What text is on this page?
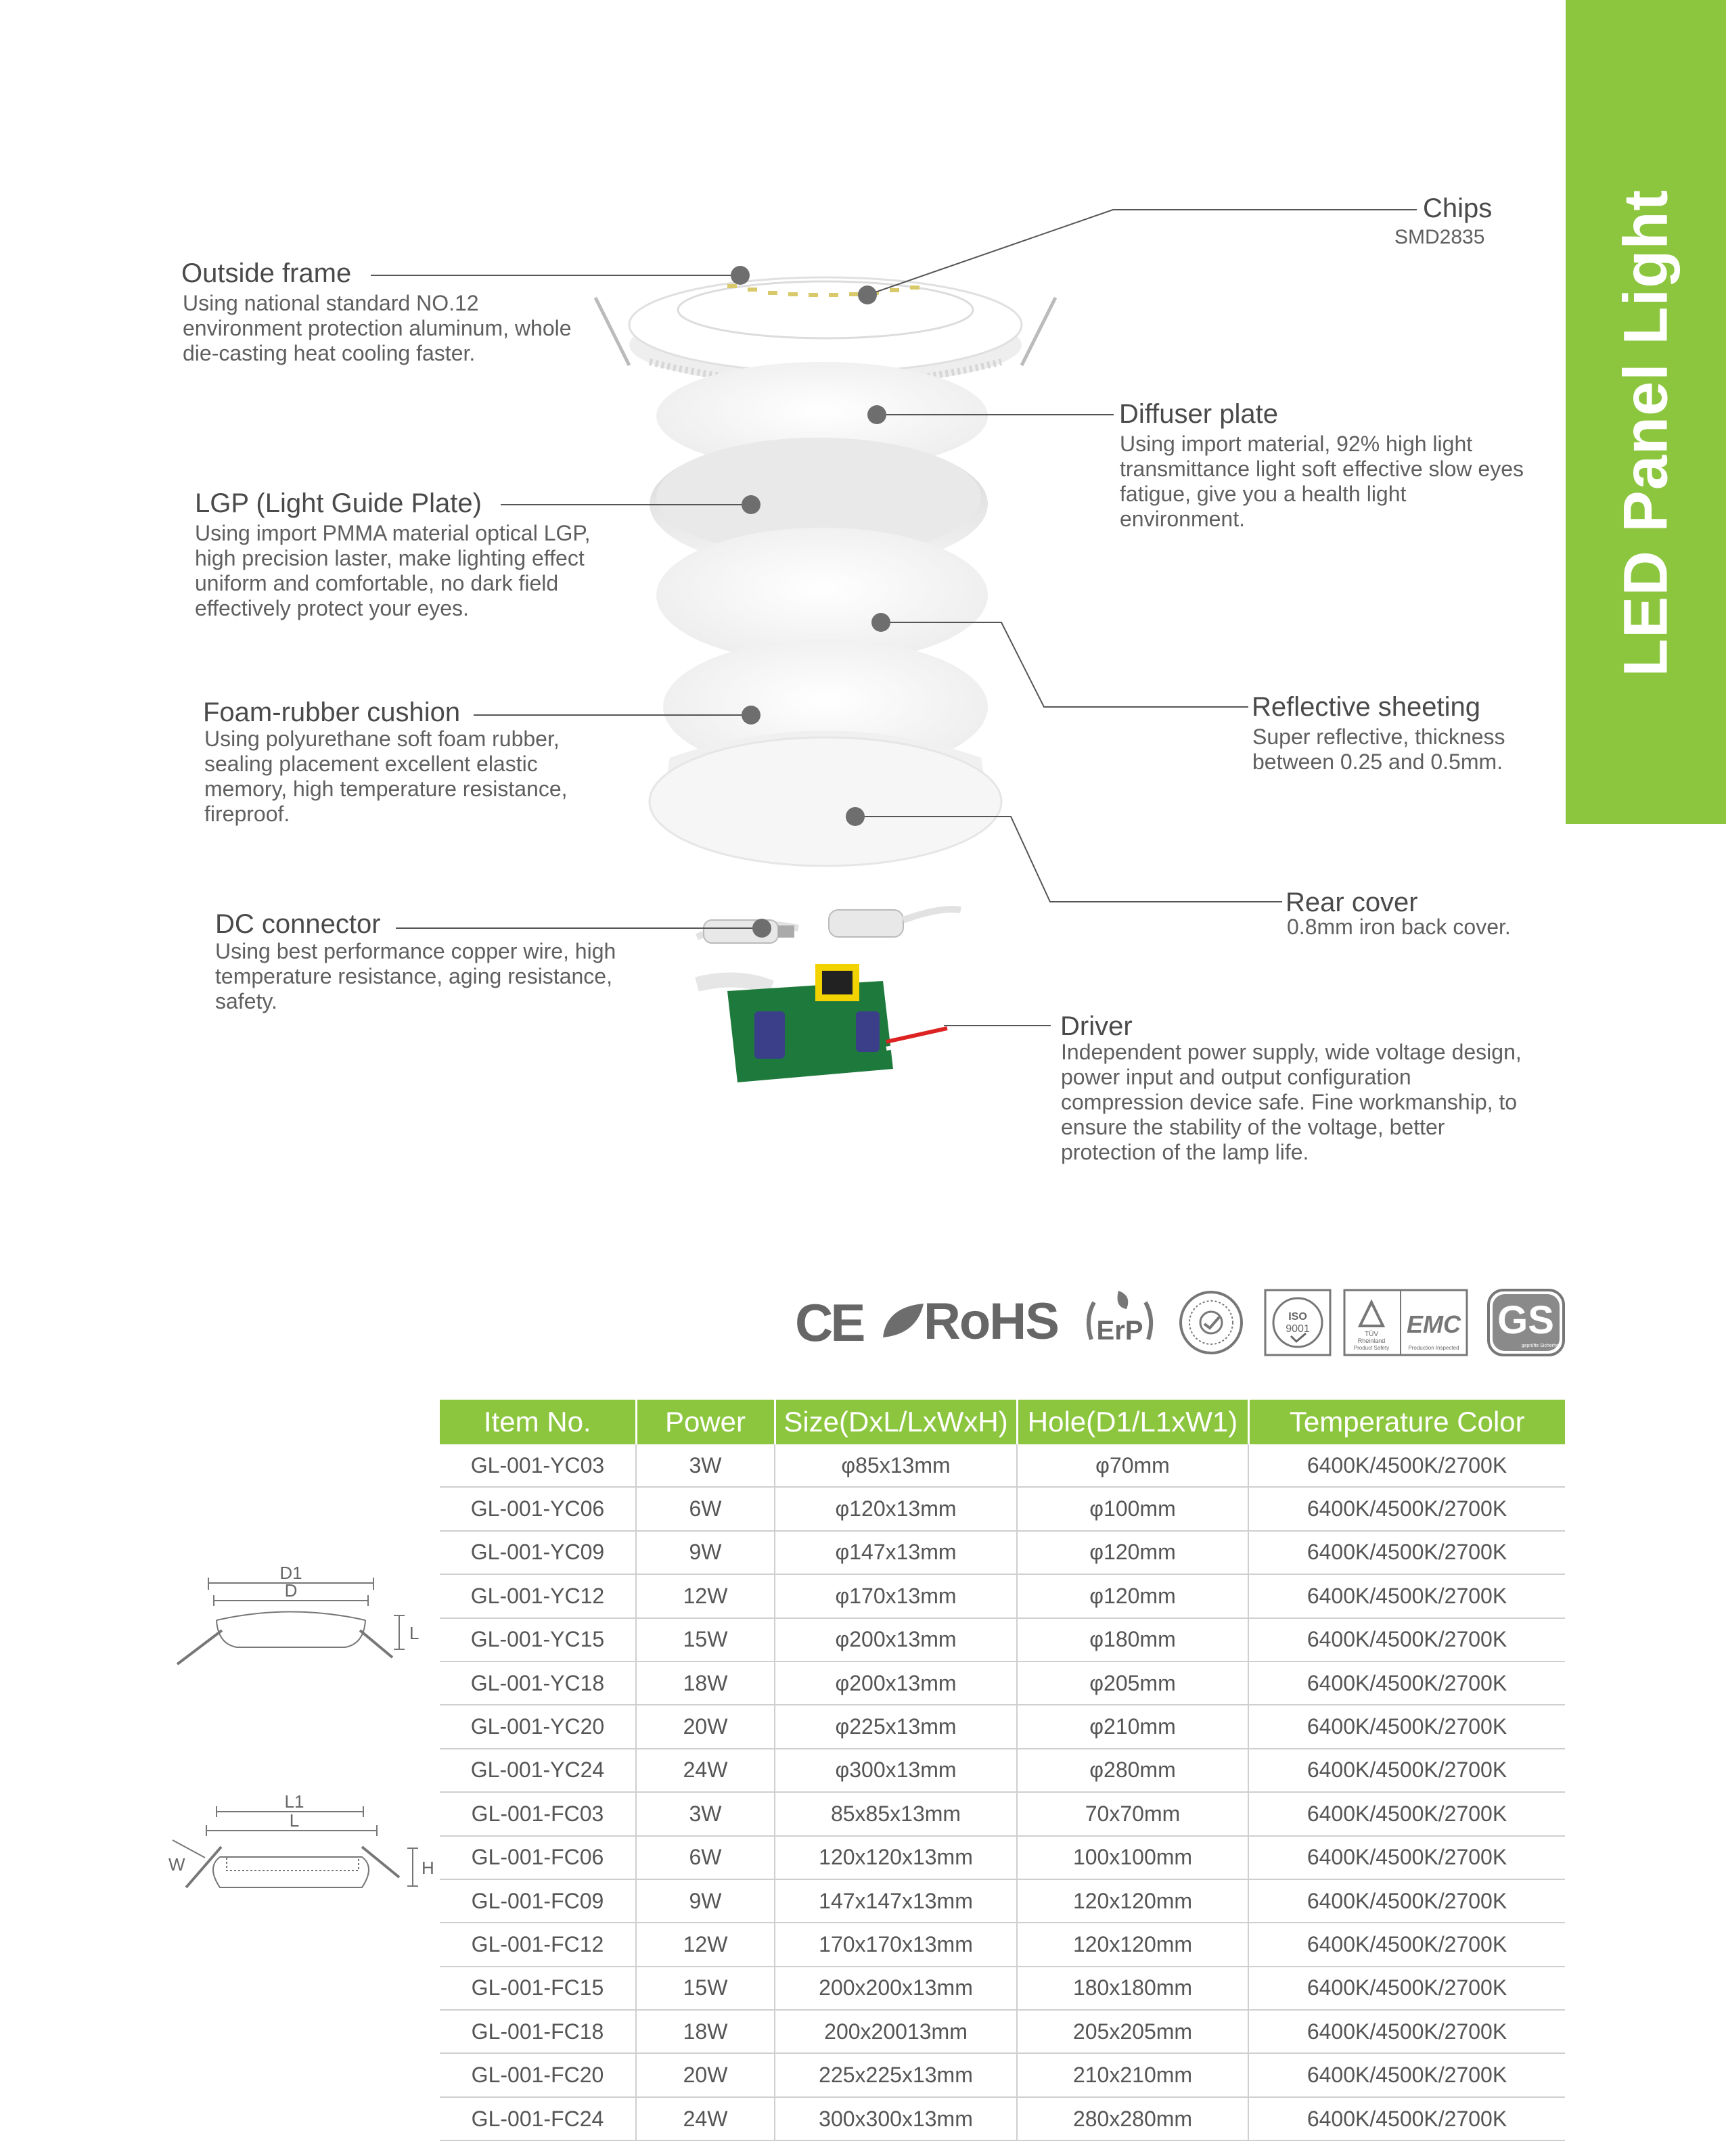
LED Panel Light
Outside frame
Using national standard NO.12 environment protection aluminum, whole die-casting heat cooling faster.
Chips
SMD2835
Diffuser plate
Using import material, 92% high light transmittance light soft effective slow eyes fatigue, give you a health light environment.
LGP (Light Guide Plate)
Using import PMMA material optical LGP, high precision laster, make lighting effect uniform and comfortable, no dark field effectively protect your eyes.
Reflective sheeting
Super reflective, thickness between 0.25 and 0.5mm.
Foam-rubber cushion
Using polyurethane soft foam rubber, sealing placement excellent elastic memory, high temperature resistance, fireproof.
Rear cover
0.8mm iron back cover.
DC connector
Using best performance copper wire, high temperature resistance, aging resistance, safety.
Driver
Independent power supply, wide voltage design, power input and output configuration compression device safe. Fine workmanship, to ensure the stability of the voltage, better protection of the lamp life.
CE RoHS ErP	ISO
9001	TÜV
Rheinland
Product Safety
EMC
Production Inspected
GS
geprüfte Sicherheit
D1
D
L
L1
L
W	H
Item No.	Power	Size(DxL/LxWxH)	Hole(D1/L1xW1)	Temperature Color
GL-001-YC03	3W	φ85x13mm	φ70mm	6400K/4500K/2700K
GL-001-YC06	6W	φ120x13mm	φ100mm	6400K/4500K/2700K
GL-001-YC09	9W	φ147x13mm	φ120mm	6400K/4500K/2700K
GL-001-YC12	12W	φ170x13mm	φ120mm	6400K/4500K/2700K
GL-001-YC15	15W	φ200x13mm	φ180mm	6400K/4500K/2700K
GL-001-YC18	18W	φ200x13mm	φ205mm	6400K/4500K/2700K
GL-001-YC20	20W	φ225x13mm	φ210mm	6400K/4500K/2700K
GL-001-YC24	24W	φ300x13mm	φ280mm	6400K/4500K/2700K
GL-001-FC03	3W	85x85x13mm	70x70mm	6400K/4500K/2700K
GL-001-FC06	6W	120x120x13mm	100x100mm	6400K/4500K/2700K
GL-001-FC09	9W	147x147x13mm	120x120mm	6400K/4500K/2700K
GL-001-FC12	12W	170x170x13mm	120x120mm	6400K/4500K/2700K
GL-001-FC15	15W	200x200x13mm	180x180mm	6400K/4500K/2700K
GL-001-FC18	18W	200x20013mm	205x205mm	6400K/4500K/2700K
GL-001-FC20	20W	225x225x13mm	210x210mm	6400K/4500K/2700K
GL-001-FC24	24W	300x300x13mm	280x280mm	6400K/4500K/2700K
